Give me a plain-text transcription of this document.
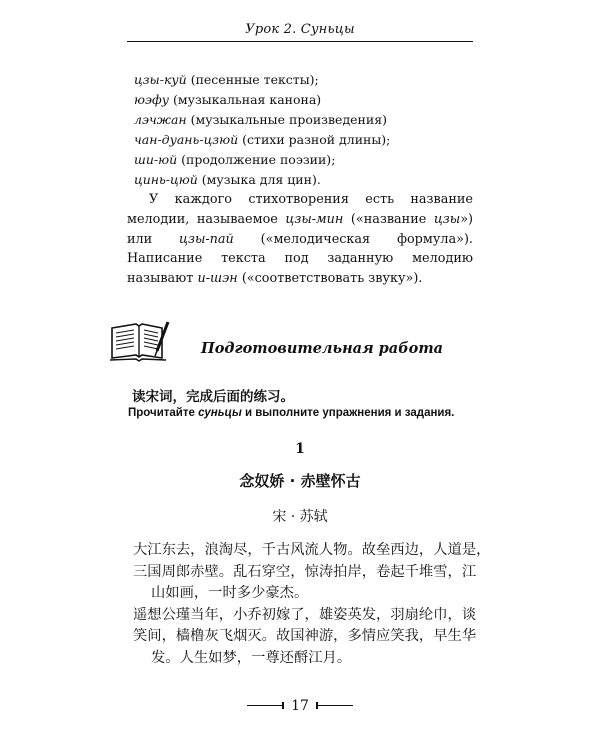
Урок 2. Суньцы
цзы-куй (песенные тексты);
юэфу (музыкальная канона)
лэчжан (музыкальные произведения)
чан-дуань-цзюй (стихи разной длины);
ши-юй (продолжение поэзии);
цинь-цюй (музыка для цин).
У каждого стихотворения есть название мелодии, называемое цзы-мин («название цзы») или цзы-пай («мелодическая формула»). Написание текста под заданную мелодию называют и-шэн («соответствовать звуку»).
Подготовительная работа
读宋词，完成后面的练习。
Прочитайте суньцы и выполните упражнения и задания.
1
念奴娇 · 赤壁怀古
宋 · 苏轼
大江东去，浪淘尽，千古风流人物。故垒西边，人道是，
三国周郎赤壁。乱石穿空，惊涛拍岸，卷起千堆雪，江
山如画，一时多少豪杰。
遥想公瑾当年，小乔初嫁了，雄姿英发，羽扇纶巾，谈
笑间，樯橹灰飞烟灭。故国神游，多情应笑我，早生华
发。人生如梦，一尊还酹江月。
17
